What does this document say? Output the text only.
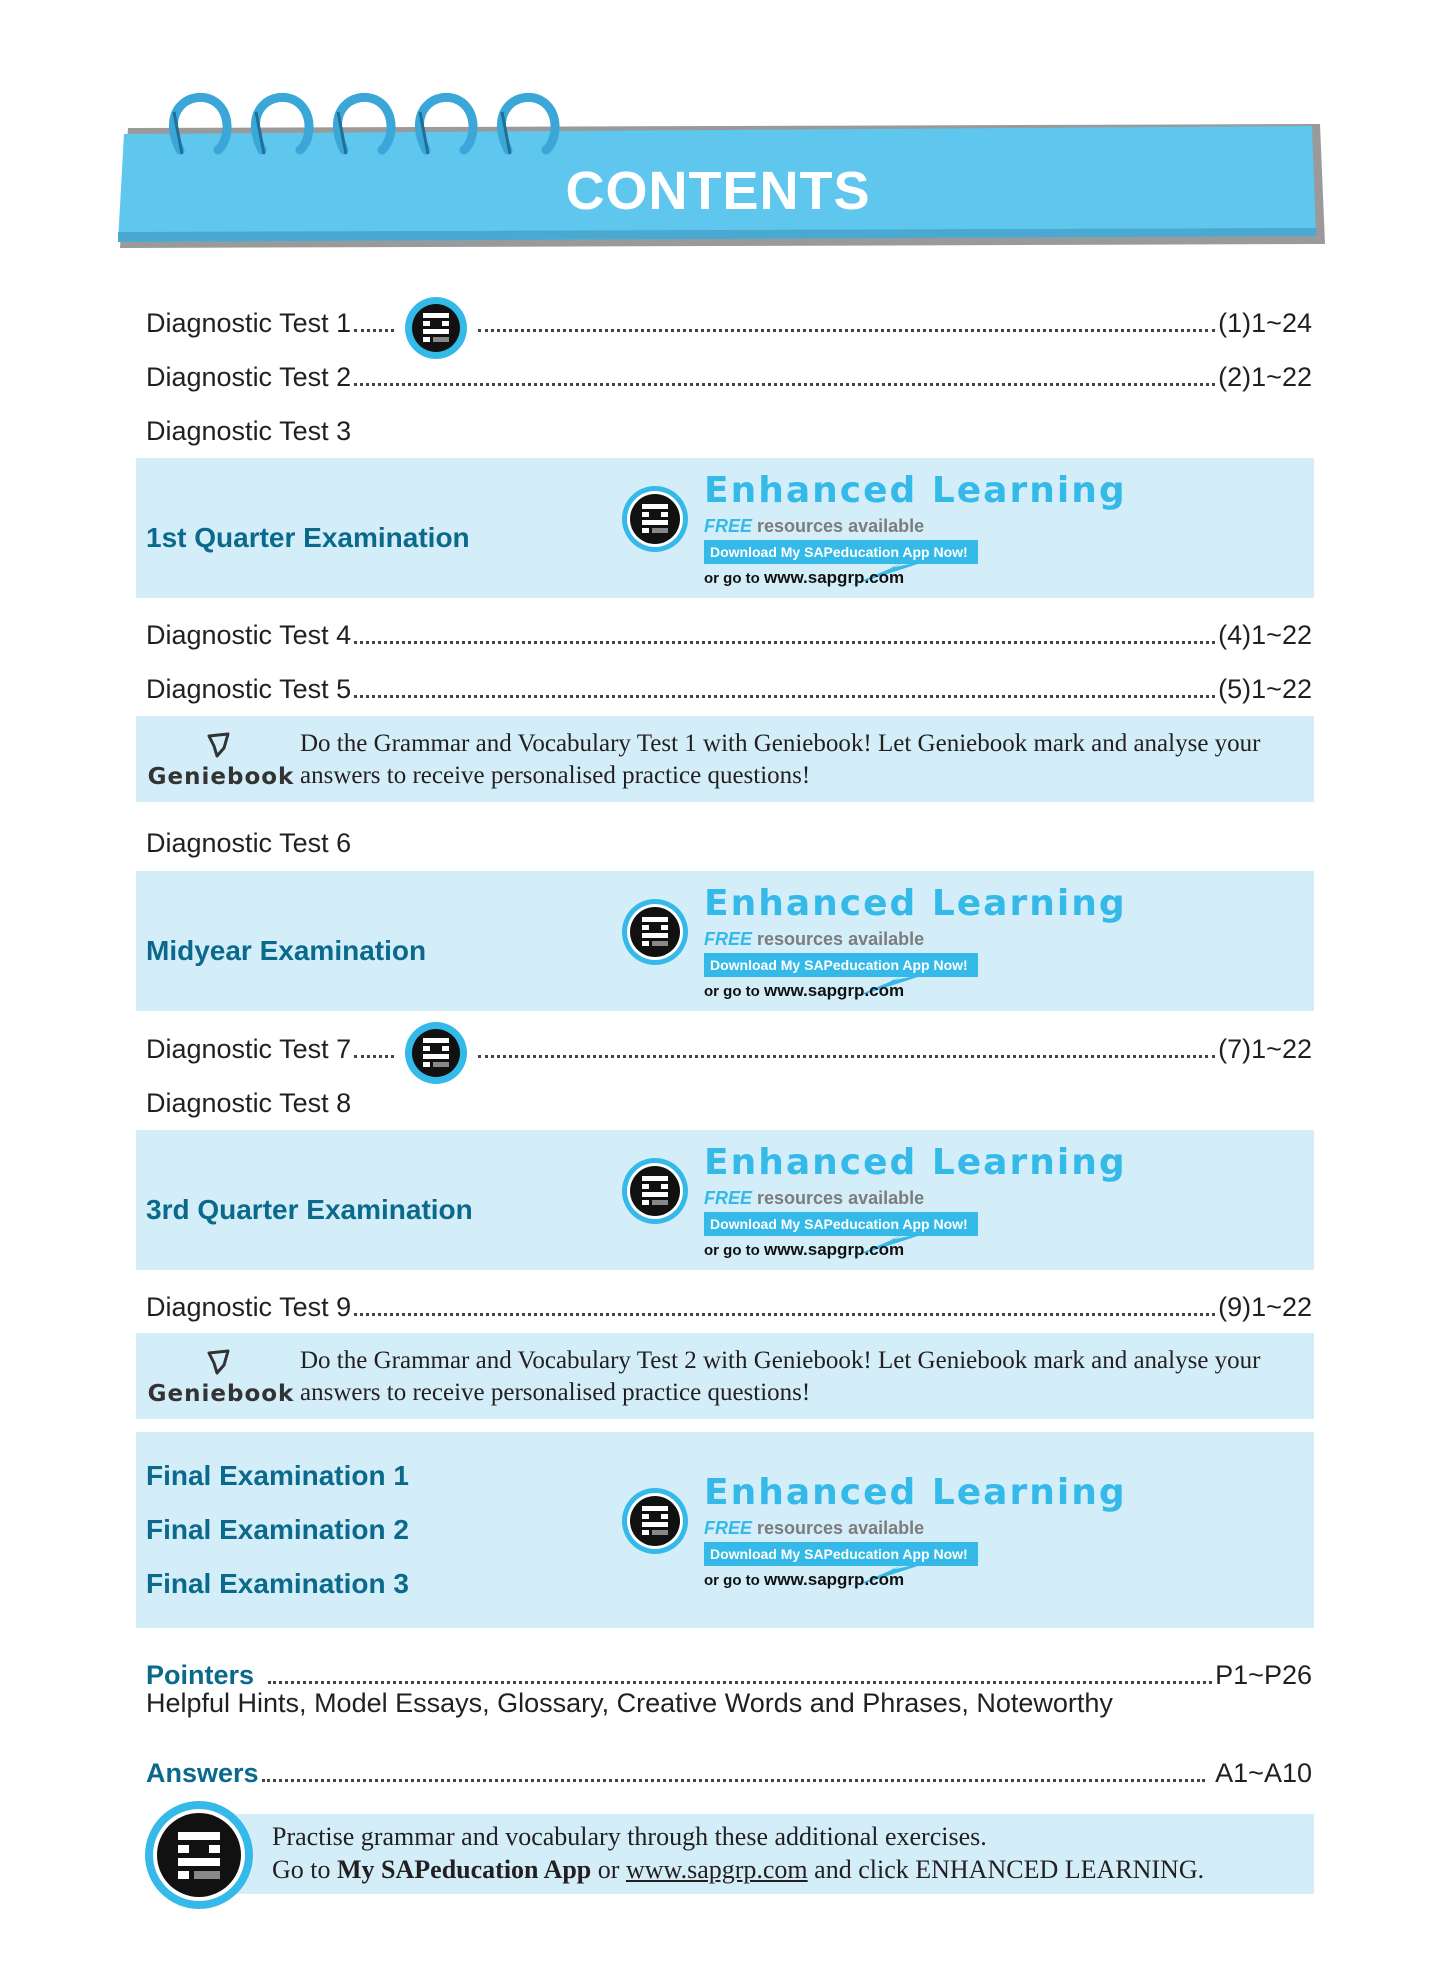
CONTENTS
Diagnostic Test 1	(1)1~24
Diagnostic Test 2	(2)1~22
Diagnostic Test 3
1st Quarter Examination
Enhanced Learning
FREE resources available
Download My SAPeducation App Now!
or go to www.sapgrp.com
Diagnostic Test 4	(4)1~22
Diagnostic Test 5	(5)1~22
Geniebook
Do the Grammar and Vocabulary Test 1 with Geniebook! Let Geniebook mark and analyse your answers to receive personalised practice questions!
Diagnostic Test 6
Midyear Examination
Enhanced Learning
FREE resources available
Download My SAPeducation App Now!
or go to www.sapgrp.com
Diagnostic Test 7	(7)1~22
Diagnostic Test 8
3rd Quarter Examination
Enhanced Learning
FREE resources available
Download My SAPeducation App Now!
or go to www.sapgrp.com
Diagnostic Test 9	(9)1~22
Geniebook
Do the Grammar and Vocabulary Test 2 with Geniebook! Let Geniebook mark and analyse your answers to receive personalised practice questions!
Final Examination 1
Final Examination 2
Final Examination 3
Enhanced Learning
FREE resources available
Download My SAPeducation App Now!
or go to www.sapgrp.com
Pointers	P1~P26
Helpful Hints, Model Essays, Glossary, Creative Words and Phrases, Noteworthy
Answers	A1~A10
Practise grammar and vocabulary through these additional exercises.
Go to My SAPeducation App or www.sapgrp.com and click ENHANCED LEARNING.
